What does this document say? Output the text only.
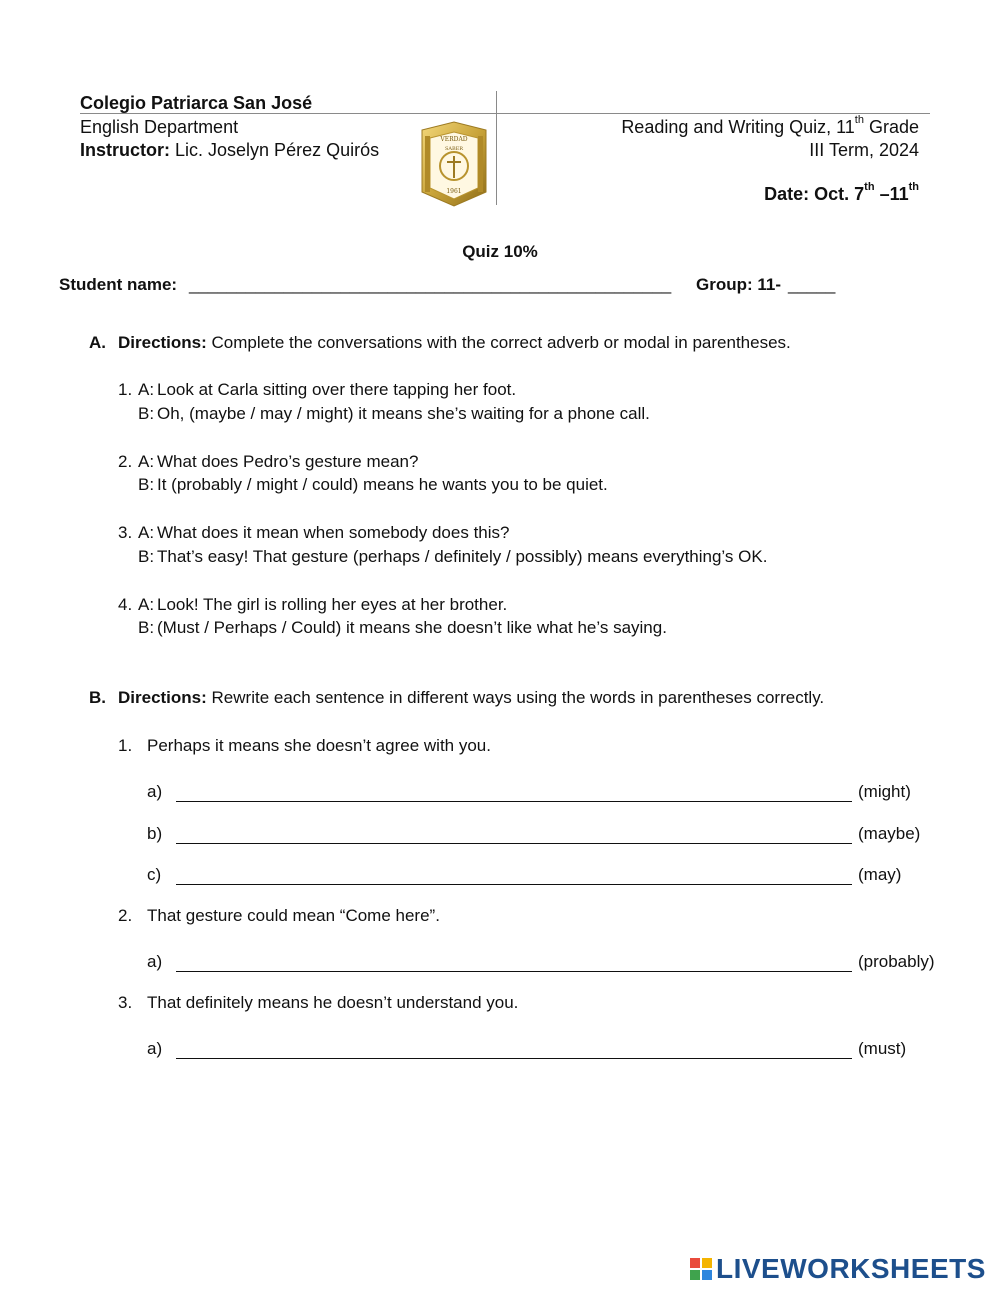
Colegio Patriarca San José
English Department
Instructor: Lic. Joselyn Pérez Quirós
VERDAD
SABER
1961
Reading and Writing Quiz, 11th Grade
III Term, 2024
Date: Oct. 7th –11th
Quiz 10%
Student name: ___________________________________________________ Group: 11- _____
A. Directions: Complete the conversations with the correct adverb or modal in parentheses.
1. A: Look at Carla sitting over there tapping her foot.
B: Oh, (maybe / may / might) it means she’s waiting for a phone call.
2. A: What does Pedro’s gesture mean?
B: It (probably / might / could) means he wants you to be quiet.
3. A: What does it mean when somebody does this?
B: That’s easy! That gesture (perhaps / definitely / possibly) means everything’s OK.
4. A: Look! The girl is rolling her eyes at her brother.
B: (Must / Perhaps / Could) it means she doesn’t like what he’s saying.
B. Directions: Rewrite each sentence in different ways using the words in parentheses correctly.
1. Perhaps it means she doesn’t agree with you.
a)	(might)
b)	(maybe)
c)	(may)
2. That gesture could mean “Come here”.
a)	(probably)
3. That definitely means he doesn’t understand you.
a)	(must)
LIVEWORKSHEETS
